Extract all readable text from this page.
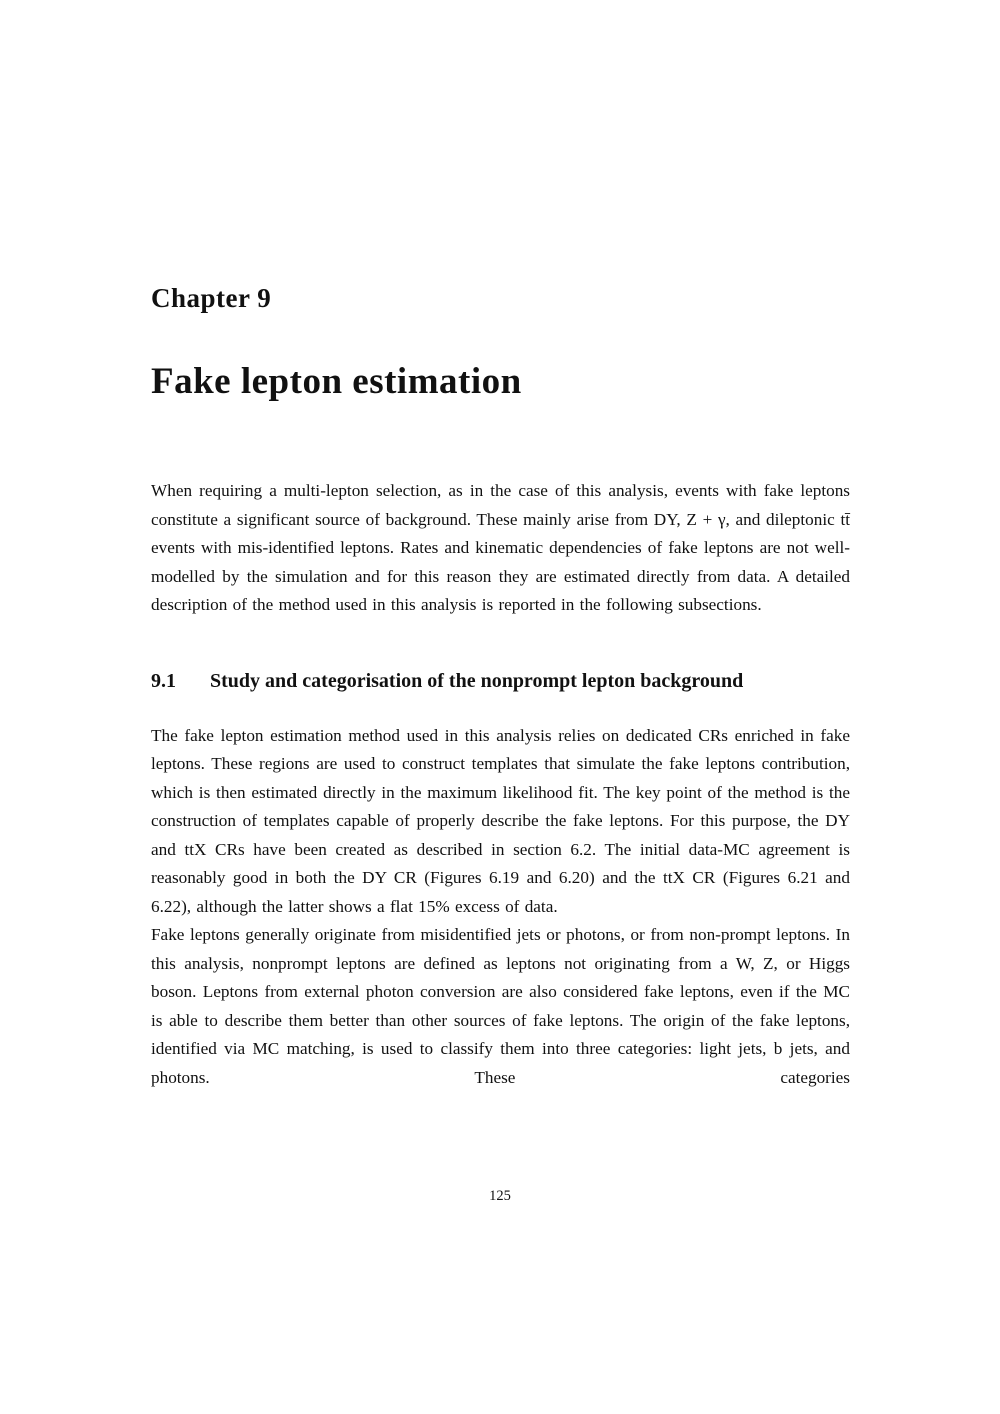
Chapter 9
Fake lepton estimation

When requiring a multi-lepton selection, as in the case of this analysis, events with fake leptons constitute a significant source of background. These mainly arise from DY, Z + γ, and dileptonic tt̄ events with mis-identified leptons. Rates and kinematic dependencies of fake leptons are not well-modelled by the simulation and for this reason they are estimated directly from data. A detailed description of the method used in this analysis is reported in the following subsections.

9.1	Study and categorisation of the nonprompt lepton background

The fake lepton estimation method used in this analysis relies on dedicated CRs enriched in fake leptons. These regions are used to construct templates that simulate the fake leptons contribution, which is then estimated directly in the maximum likelihood fit. The key point of the method is the construction of templates capable of properly describe the fake leptons. For this purpose, the DY and ttX CRs have been created as described in section 6.2. The initial data-MC agreement is reasonably good in both the DY CR (Figures 6.19 and 6.20) and the ttX CR (Figures 6.21 and 6.22), although the latter shows a flat 15% excess of data.

Fake leptons generally originate from misidentified jets or photons, or from non-prompt leptons. In this analysis, nonprompt leptons are defined as leptons not originating from a W, Z, or Higgs boson. Leptons from external photon conversion are also considered fake leptons, even if the MC is able to describe them better than other sources of fake leptons. The origin of the fake leptons, identified via MC matching, is used to classify them into three categories: light jets, b jets, and photons. These categories

125
